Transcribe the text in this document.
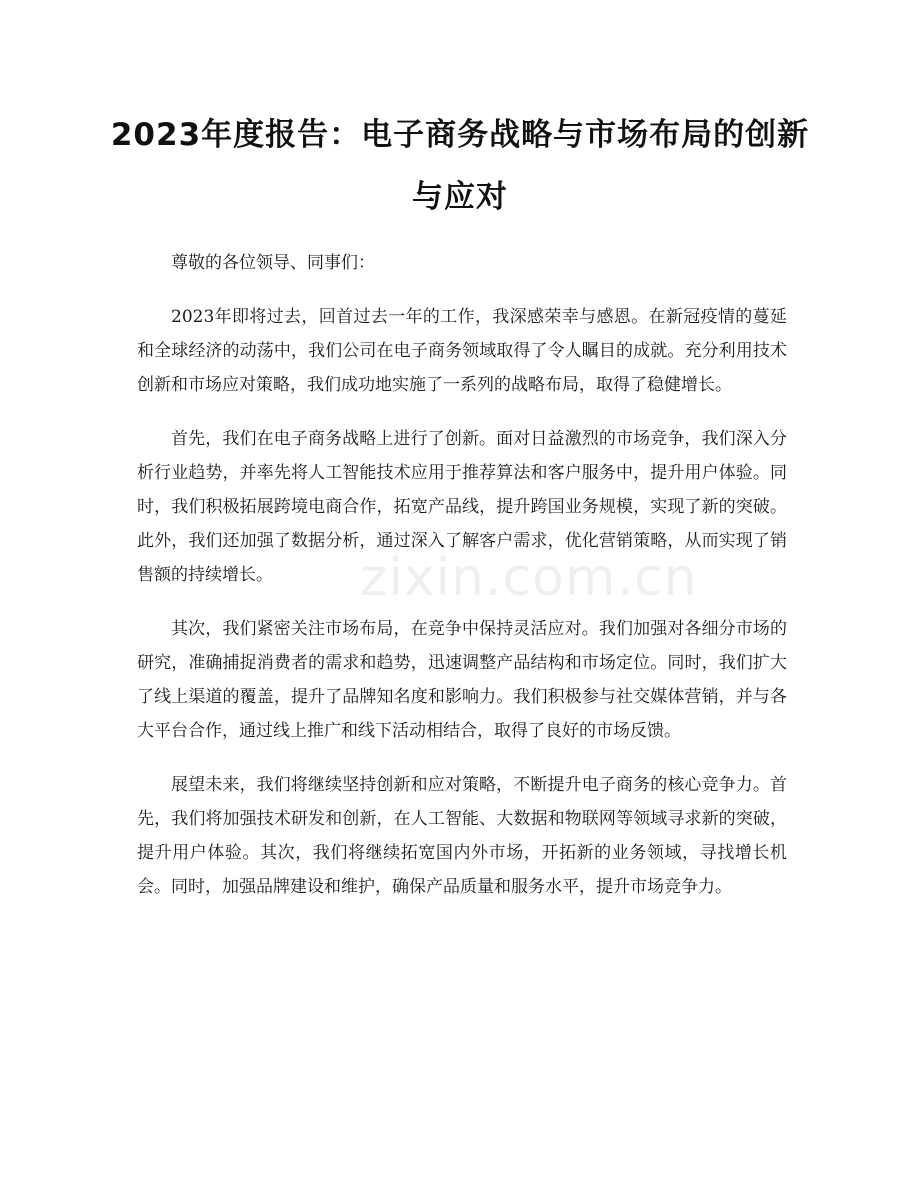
2023年度报告：电子商务战略与市场布局的创新与应对

尊敬的各位领导、同事们：

2023年即将过去，回首过去一年的工作，我深感荣幸与感恩。在新冠疫情的蔓延和全球经济的动荡中，我们公司在电子商务领域取得了令人瞩目的成就。充分利用技术创新和市场应对策略，我们成功地实施了一系列的战略布局，取得了稳健增长。

首先，我们在电子商务战略上进行了创新。面对日益激烈的市场竞争，我们深入分析行业趋势，并率先将人工智能技术应用于推荐算法和客户服务中，提升用户体验。同时，我们积极拓展跨境电商合作，拓宽产品线，提升跨国业务规模，实现了新的突破。此外，我们还加强了数据分析，通过深入了解客户需求，优化营销策略，从而实现了销售额的持续增长。

其次，我们紧密关注市场布局，在竞争中保持灵活应对。我们加强对各细分市场的研究，准确捕捉消费者的需求和趋势，迅速调整产品结构和市场定位。同时，我们扩大了线上渠道的覆盖，提升了品牌知名度和影响力。我们积极参与社交媒体营销，并与各大平台合作，通过线上推广和线下活动相结合，取得了良好的市场反馈。

展望未来，我们将继续坚持创新和应对策略，不断提升电子商务的核心竞争力。首先，我们将加强技术研发和创新，在人工智能、大数据和物联网等领域寻求新的突破，提升用户体验。其次，我们将继续拓宽国内外市场，开拓新的业务领域，寻找增长机会。同时，加强品牌建设和维护，确保产品质量和服务水平，提升市场竞争力。

zixin.com.cn
